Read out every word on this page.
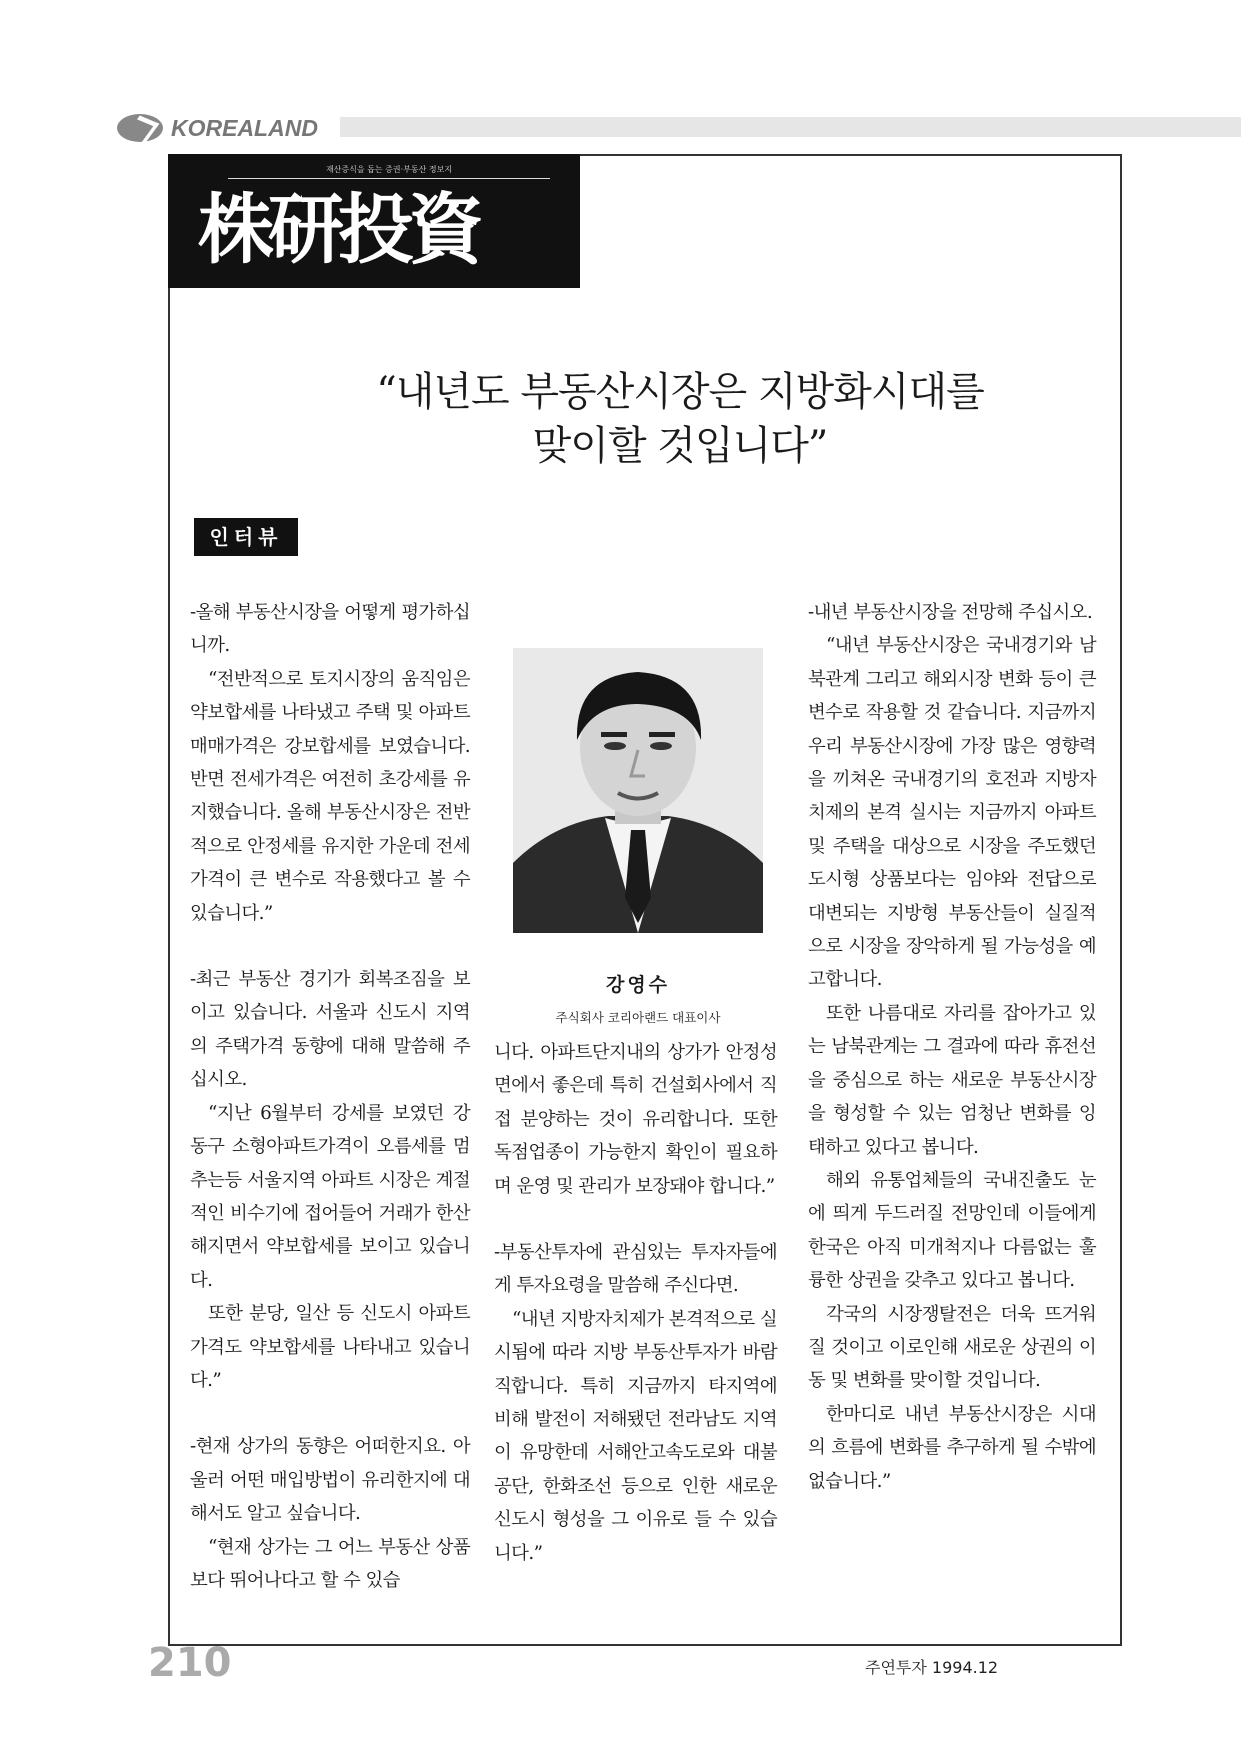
KOREALAND
재산증식을 돕는 증권·부동산 정보지
株研投資
“내년도 부동산시장은 지방화시대를
맞이할 것입니다”
인터뷰

-올해 부동산시장을 어떻게 평가하십니까.

“전반적으로 토지시장의 움직임은 약보합세를 나타냈고 주택 및 아파트 매매가격은 강보합세를 보였습니다. 반면 전세가격은 여전히 초강세를 유지했습니다. 올해 부동산시장은 전반적으로 안정세를 유지한 가운데 전세가격이 큰 변수로 작용했다고 볼 수 있습니다.”

-최근 부동산 경기가 회복조짐을 보이고 있습니다. 서울과 신도시 지역의 주택가격 동향에 대해 말씀해 주십시오.

“지난 6월부터 강세를 보였던 강동구 소형아파트가격이 오름세를 멈추는등 서울지역 아파트 시장은 계절적인 비수기에 접어들어 거래가 한산해지면서 약보합세를 보이고 있습니다.

또한 분당, 일산 등 신도시 아파트가격도 약보합세를 나타내고 있습니다.”

-현재 상가의 동향은 어떠한지요. 아울러 어떤 매입방법이 유리한지에 대해서도 알고 싶습니다.

“현재 상가는 그 어느 부동산 상품보다 뛰어나다고 할 수 있습

강영수
주식회사 코리아랜드 대표이사

니다. 아파트단지내의 상가가 안정성면에서 좋은데 특히 건설회사에서 직접 분양하는 것이 유리합니다. 또한 독점업종이 가능한지 확인이 필요하며 운영 및 관리가 보장돼야 합니다.”

-부동산투자에 관심있는 투자자들에게 투자요령을 말씀해 주신다면.

“내년 지방자치제가 본격적으로 실시됨에 따라 지방 부동산투자가 바람직합니다. 특히 지금까지 타지역에 비해 발전이 저해됐던 전라남도 지역이 유망한데 서해안고속도로와 대불공단, 한화조선 등으로 인한 새로운 신도시 형성을 그 이유로 들 수 있습니다.”

-내년 부동산시장을 전망해 주십시오.

“내년 부동산시장은 국내경기와 남북관계 그리고 해외시장 변화 등이 큰 변수로 작용할 것 같습니다. 지금까지 우리 부동산시장에 가장 많은 영향력을 끼쳐온 국내경기의 호전과 지방자치제의 본격 실시는 지금까지 아파트 및 주택을 대상으로 시장을 주도했던 도시형 상품보다는 임야와 전답으로 대변되는 지방형 부동산들이 실질적으로 시장을 장악하게 될 가능성을 예고합니다.

또한 나름대로 자리를 잡아가고 있는 남북관계는 그 결과에 따라 휴전선을 중심으로 하는 새로운 부동산시장을 형성할 수 있는 엄청난 변화를 잉태하고 있다고 봅니다.

해외 유통업체들의 국내진출도 눈에 띄게 두드러질 전망인데 이들에게 한국은 아직 미개척지나 다름없는 훌륭한 상권을 갖추고 있다고 봅니다.

각국의 시장쟁탈전은 더욱 뜨거워질 것이고 이로인해 새로운 상권의 이동 및 변화를 맞이할 것입니다.

한마디로 내년 부동산시장은 시대의 흐름에 변화를 추구하게 될 수밖에 없습니다.”

210	주연투자 1994.12
